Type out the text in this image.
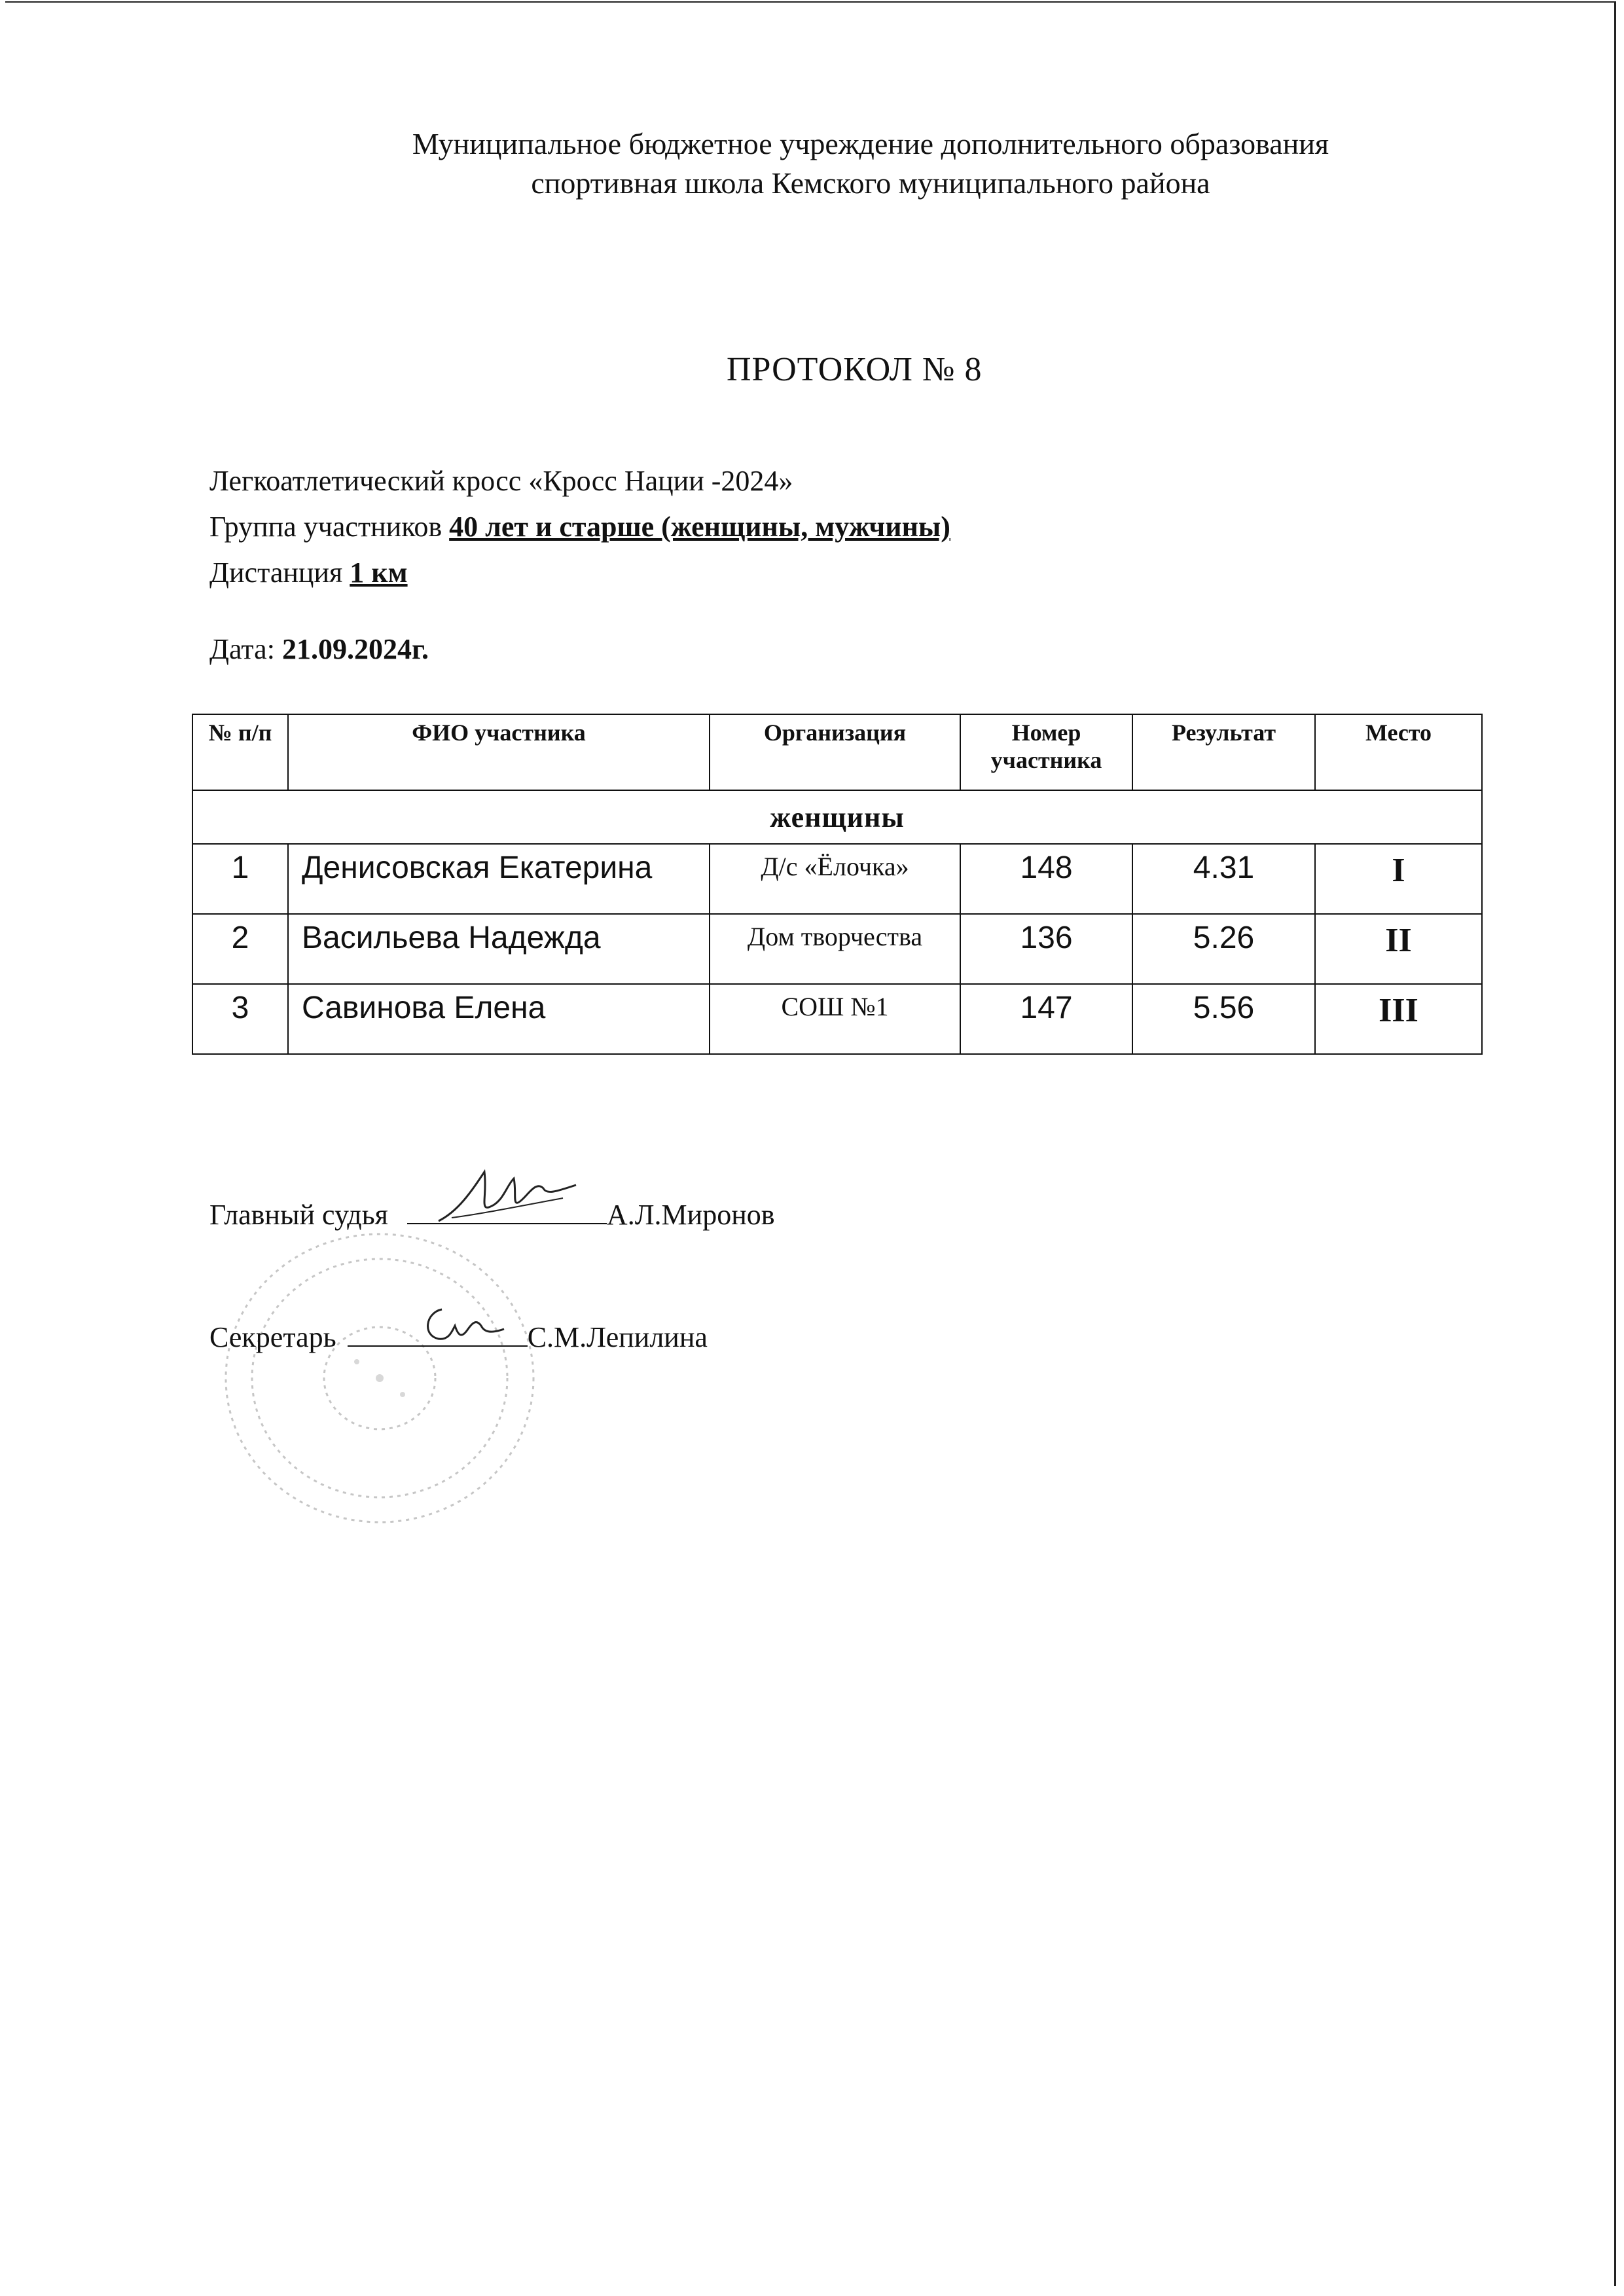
Муниципальное бюджетное учреждение дополнительного образования
спортивная школа Кемского муниципального района
ПРОТОКОЛ № 8
Легкоатлетический кросс «Кросс Нации -2024»
Группа участников 40 лет и старше (женщины, мужчины)
Дистанция 1 км
Дата: 21.09.2024г.
№ п/п	ФИО участника	Организация	Номер участника	Результат	Место
женщины					
1	Денисовская Екатерина	Д/с «Ёлочка»	148	4.31	I
2	Васильева Надежда	Дом творчества	136	5.26	II
3	Савинова Елена	СОШ №1	147	5.56	III
Главный судья	А.Л.Миронов
Секретарь	С.М.Лепилина
